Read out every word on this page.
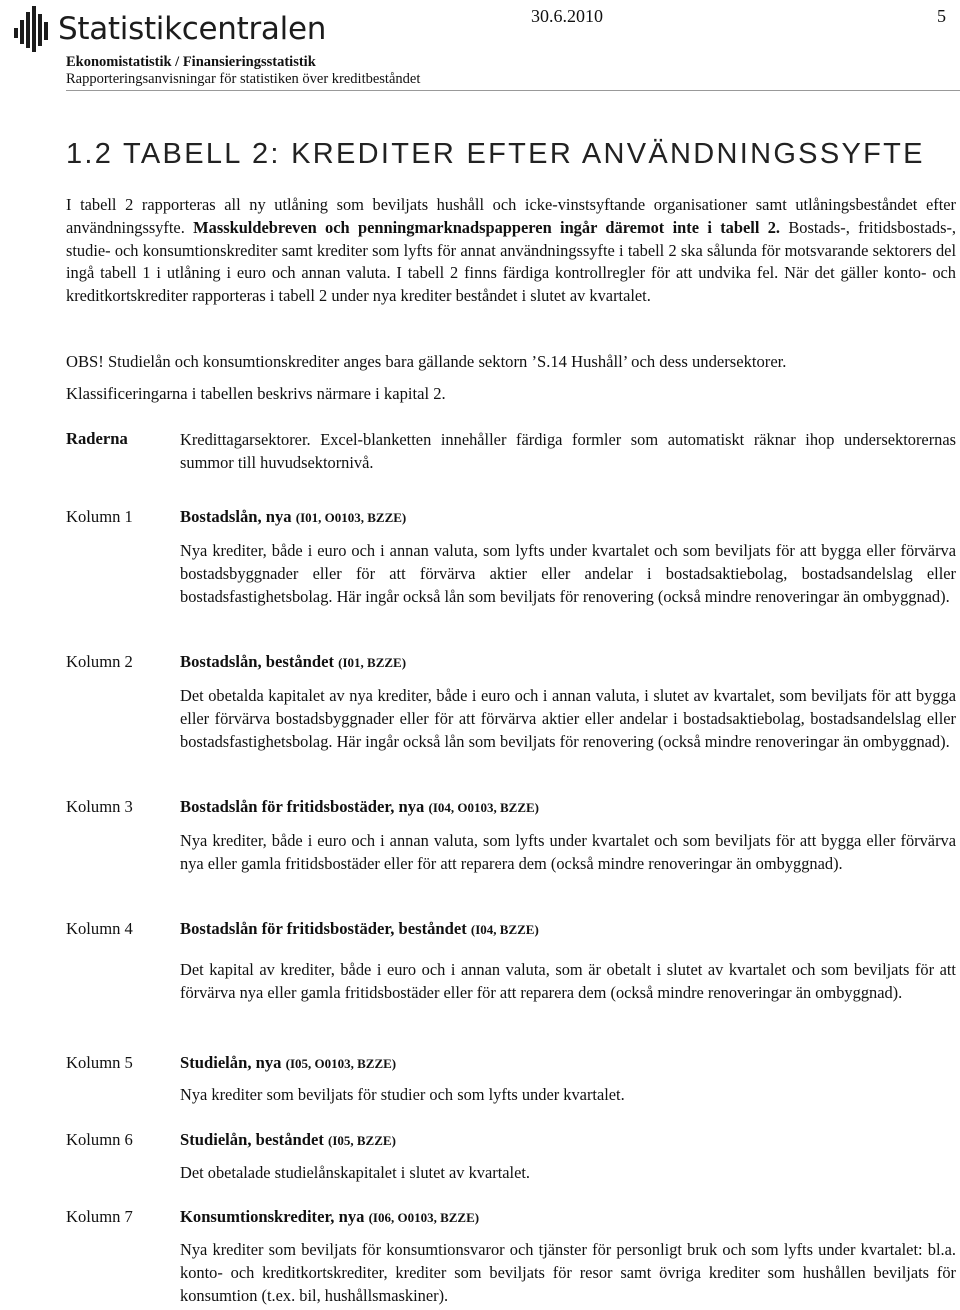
Statistikcentralen	30.6.2010	5
Ekonomistatistik / Finansieringsstatistik
Rapporteringsanvisningar för statistiken över kreditbeståndet
1.2 TABELL 2: KREDITER EFTER ANVÄNDNINGSSYFTE

I tabell 2 rapporteras all ny utlåning som beviljats hushåll och icke-vinstsyftande organisationer samt utlåningsbeståndet efter användningssyfte. Masskuldebreven och penningmarknadspapperen ingår däremot inte i tabell 2. Bostads-, fritidsbostads-, studie- och konsumtionskrediter samt krediter som lyfts för annat användningssyfte i tabell 2 ska sålunda för motsvarande sektorers del ingå tabell 1 i utlåning i euro och annan valuta. I tabell 2 finns färdiga kontrollregler för att undvika fel. När det gäller konto- och kreditkortskrediter rapporteras i tabell 2 under nya krediter beståndet i slutet av kvartalet.

OBS! Studielån och konsumtionskrediter anges bara gällande sektorn ’S.14 Hushåll’ och dess undersektorer.

Klassificeringarna i tabellen beskrivs närmare i kapital 2.

Raderna	Kredittagarsektorer. Excel-blanketten innehåller färdiga formler som automatiskt räknar ihop undersektorernas summor till huvudsektornivå.

Kolumn 1	Bostadslån, nya (I01, O0103, BZZE)

Nya krediter, både i euro och i annan valuta, som lyfts under kvartalet och som beviljats för att bygga eller förvärva bostadsbyggnader eller för att förvärva aktier eller andelar i bostadsaktiebolag, bostadsandelslag eller bostadsfastighetsbolag. Här ingår också lån som beviljats för renovering (också mindre renoveringar än ombyggnad).

Kolumn 2	Bostadslån, beståndet (I01, BZZE)

Det obetalda kapitalet av nya krediter, både i euro och i annan valuta, i slutet av kvartalet, som beviljats för att bygga eller förvärva bostadsbyggnader eller för att förvärva aktier eller andelar i bostadsaktiebolag, bostadsandelslag eller bostadsfastighetsbolag. Här ingår också lån som beviljats för renovering (också mindre renoveringar än ombyggnad).

Kolumn 3	Bostadslån för fritidsbostäder, nya (I04, O0103, BZZE)

Nya krediter, både i euro och i annan valuta, som lyfts under kvartalet och som beviljats för att bygga eller förvärva nya eller gamla fritidsbostäder eller för att reparera dem (också mindre renoveringar än ombyggnad).

Kolumn 4	Bostadslån för fritidsbostäder, beståndet (I04, BZZE)

Det kapital av krediter, både i euro och i annan valuta, som är obetalt i slutet av kvartalet och som beviljats för att förvärva nya eller gamla fritidsbostäder eller för att reparera dem (också mindre renoveringar än ombyggnad).

Kolumn 5	Studielån, nya (I05, O0103, BZZE)

Nya krediter som beviljats för studier och som lyfts under kvartalet.

Kolumn 6	Studielån, beståndet (I05, BZZE)

Det obetalade studielånskapitalet i slutet av kvartalet.

Kolumn 7	Konsumtionskrediter, nya (I06, O0103, BZZE)

Nya krediter som beviljats för konsumtionsvaror och tjänster för personligt bruk och som lyfts under kvartalet: bl.a. konto- och kreditkortskrediter, krediter som beviljats för resor samt övriga krediter som hushållen beviljats för konsumtion (t.ex. bil, hushållsmaskiner).
